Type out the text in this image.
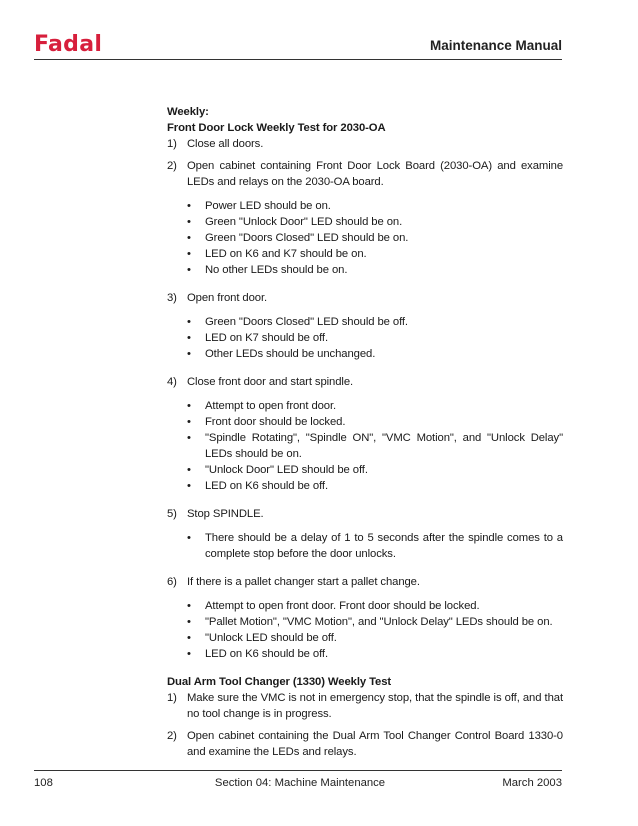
Fadal	Maintenance Manual
Weekly:
Front Door Lock Weekly Test for 2030-OA
1) Close all doors.
2) Open cabinet containing Front Door Lock Board (2030-OA) and examine LEDs and relays on the 2030-OA board.
•	Power LED should be on.
•	Green "Unlock Door" LED should be on.
•	Green "Doors Closed" LED should be on.
•	LED on K6 and K7 should be on.
•	No other LEDs should be on.
3) Open front door.
•	Green "Doors Closed" LED should be off.
•	LED on K7 should be off.
•	Other LEDs should be unchanged.
4) Close front door and start spindle.
•	Attempt to open front door.
•	Front door should be locked.
•	"Spindle Rotating", "Spindle ON", "VMC Motion", and "Unlock Delay" LEDs should be on.
•	"Unlock Door" LED should be off.
•	LED on K6 should be off.
5) Stop SPINDLE.
•	There should be a delay of 1 to 5 seconds after the spindle comes to a complete stop before the door unlocks.
6) If there is a pallet changer start a pallet change.
•	Attempt to open front door. Front door should be locked.
•	"Pallet Motion", "VMC Motion", and "Unlock Delay" LEDs should be on.
•	"Unlock LED should be off.
•	LED on K6 should be off.
Dual Arm Tool Changer (1330) Weekly Test
1) Make sure the VMC is not in emergency stop, that the spindle is off, and that no tool change is in progress.
2) Open cabinet containing the Dual Arm Tool Changer Control Board 1330-0 and examine the LEDs and relays.
108	Section 04: Machine Maintenance	March 2003
